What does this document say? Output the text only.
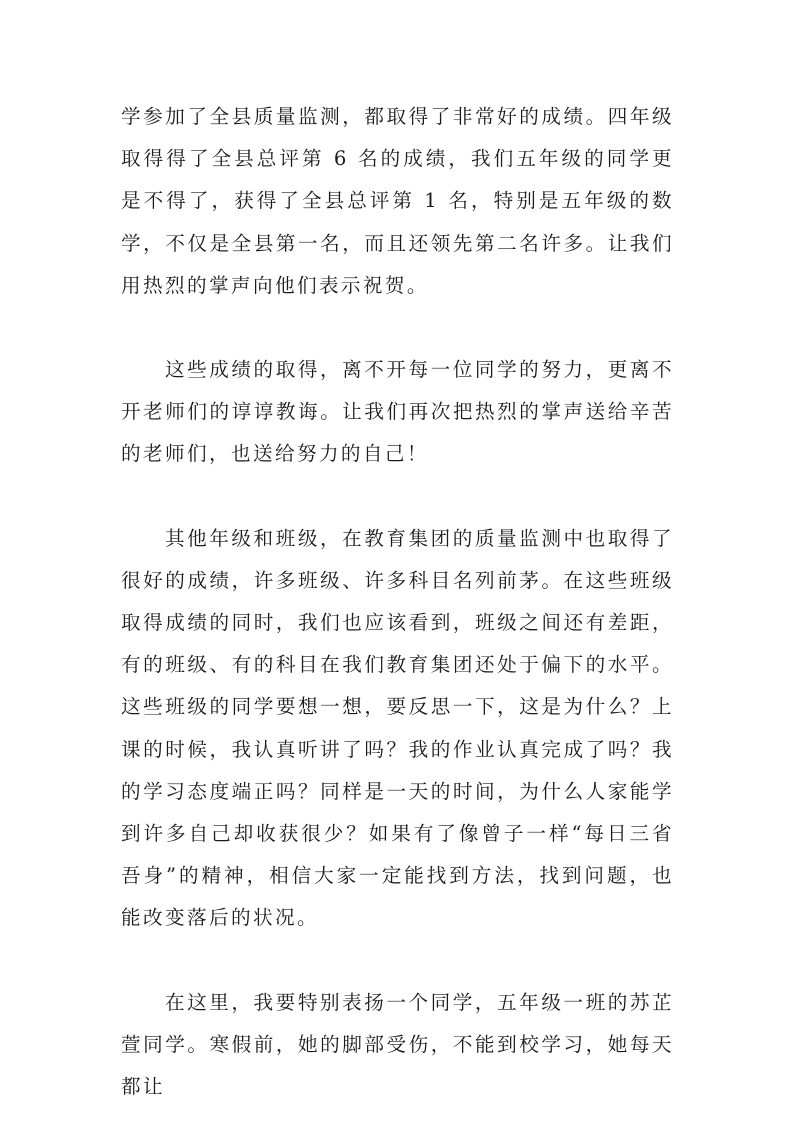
学参加了全县质量监测，都取得了非常好的成绩。四年级取得得了全县总评第 6 名的成绩，我们五年级的同学更是不得了，获得了全县总评第 1 名，特别是五年级的数学，不仅是全县第一名，而且还领先第二名许多。让我们用热烈的掌声向他们表示祝贺。

这些成绩的取得，离不开每一位同学的努力，更离不开老师们的谆谆教诲。让我们再次把热烈的掌声送给辛苦的老师们，也送给努力的自己！

其他年级和班级，在教育集团的质量监测中也取得了很好的成绩，许多班级、许多科目名列前茅。在这些班级取得成绩的同时，我们也应该看到，班级之间还有差距，有的班级、有的科目在我们教育集团还处于偏下的水平。这些班级的同学要想一想，要反思一下，这是为什么？上课的时候，我认真听讲了吗？我的作业认真完成了吗？我的学习态度端正吗？同样是一天的时间，为什么人家能学到许多自己却收获很少？如果有了像曾子一样“每日三省吾身”的精神，相信大家一定能找到方法，找到问题，也能改变落后的状况。

在这里，我要特别表扬一个同学，五年级一班的苏芷萱同学。寒假前，她的脚部受伤，不能到校学习，她每天都让
